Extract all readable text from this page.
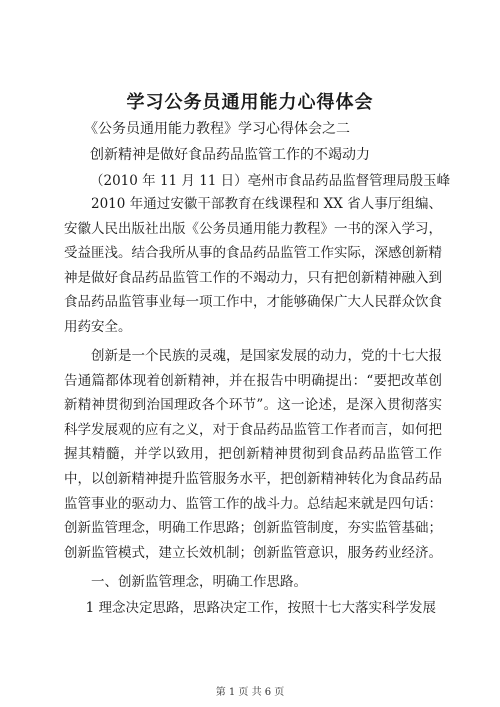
学习公务员通用能力心得体会

《公务员通用能力教程》学习心得体会之二

创新精神是做好食品药品监管工作的不竭动力

（2010 年 11 月 11 日）亳州市食品药品监督管理局殷玉峰

2010 年通过安徽干部教育在线课程和 XX 省人事厅组编、安徽人民出版社出版《公务员通用能力教程》一书的深入学习，受益匪浅。结合我所从事的食品药品监管工作实际，深感创新精神是做好食品药品监管工作的不竭动力，只有把创新精神融入到食品药品监管事业每一项工作中，才能够确保广大人民群众饮食用药安全。

创新是一个民族的灵魂，是国家发展的动力，党的十七大报告通篇都体现着创新精神，并在报告中明确提出：“要把改革创新精神贯彻到治国理政各个环节”。这一论述，是深入贯彻落实科学发展观的应有之义，对于食品药品监管工作者而言，如何把握其精髓，并学以致用，把创新精神贯彻到食品药品监管工作中，以创新精神提升监管服务水平，把创新精神转化为食品药品监管事业的驱动力、监管工作的战斗力。总结起来就是四句话：创新监管理念，明确工作思路；创新监管制度，夯实监管基础；创新监管模式，建立长效机制；创新监管意识，服务药业经济。

一、创新监管理念，明确工作思路。

1 理念决定思路，思路决定工作，按照十七大落实科学发展

第 1 页 共 6 页
